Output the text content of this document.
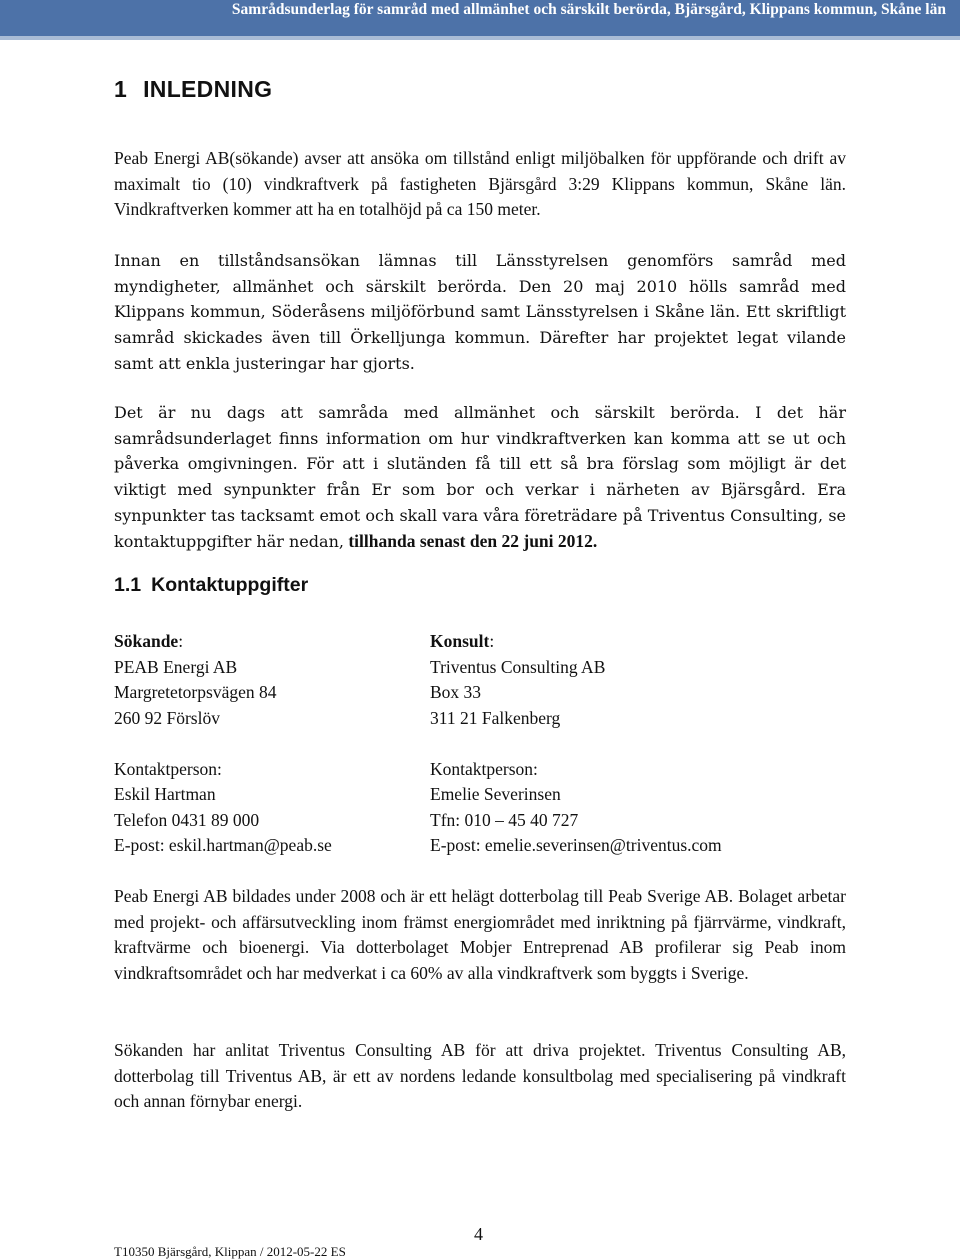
Samrådsunderlag för samråd med allmänhet och särskilt berörda, Bjärsgård, Klippans kommun, Skåne län
1 INLEDNING

Peab Energi AB(sökande) avser att ansöka om tillstånd enligt miljöbalken för uppförande och drift av maximalt tio (10) vindkraftverk på fastigheten Bjärsgård 3:29 Klippans kommun, Skåne län. Vindkraftverken kommer att ha en totalhöjd på ca 150 meter.

Innan en tillståndsansökan lämnas till Länsstyrelsen genomförs samråd med myndigheter, allmänhet och särskilt berörda. Den 20 maj 2010 hölls samråd med Klippans kommun, Söderåsens miljöförbund samt Länsstyrelsen i Skåne län. Ett skriftligt samråd skickades även till Örkelljunga kommun. Därefter har projektet legat vilande samt att enkla justeringar har gjorts.

Det är nu dags att samråda med allmänhet och särskilt berörda. I det här samrådsunderlaget finns information om hur vindkraftverken kan komma att se ut och påverka omgivningen. För att i slutänden få till ett så bra förslag som möjligt är det viktigt med synpunkter från Er som bor och verkar i närheten av Bjärsgård. Era synpunkter tas tacksamt emot och skall vara våra företrädare på Triventus Consulting, se kontaktuppgifter här nedan, tillhanda senast den 22 juni 2012.

1.1 Kontaktuppgifter
Sökande:
PEAB Energi AB
Margretetorpsvägen 84
260 92 Förslöv
Kontaktperson:
Eskil Hartman
Telefon 0431 89 000
E-post: eskil.hartman@peab.se
Konsult:
Triventus Consulting AB
Box 33
311 21 Falkenberg
Kontaktperson:
Emelie Severinsen
Tfn: 010 – 45 40 727
E-post: emelie.severinsen@triventus.com

Peab Energi AB bildades under 2008 och är ett helägt dotterbolag till Peab Sverige AB. Bolaget arbetar med projekt- och affärsutveckling inom främst energiområdet med inriktning på fjärrvärme, vindkraft, kraftvärme och bioenergi. Via dotterbolaget Mobjer Entreprenad AB profilerar sig Peab inom vindkraftsområdet och har medverkat i ca 60% av alla vindkraftverk som byggts i Sverige.

Sökanden har anlitat Triventus Consulting AB för att driva projektet. Triventus Consulting AB, dotterbolag till Triventus AB, är ett av nordens ledande konsultbolag med specialisering på vindkraft och annan förnybar energi.

4
T10350 Bjärsgård, Klippan / 2012-05-22 ES
